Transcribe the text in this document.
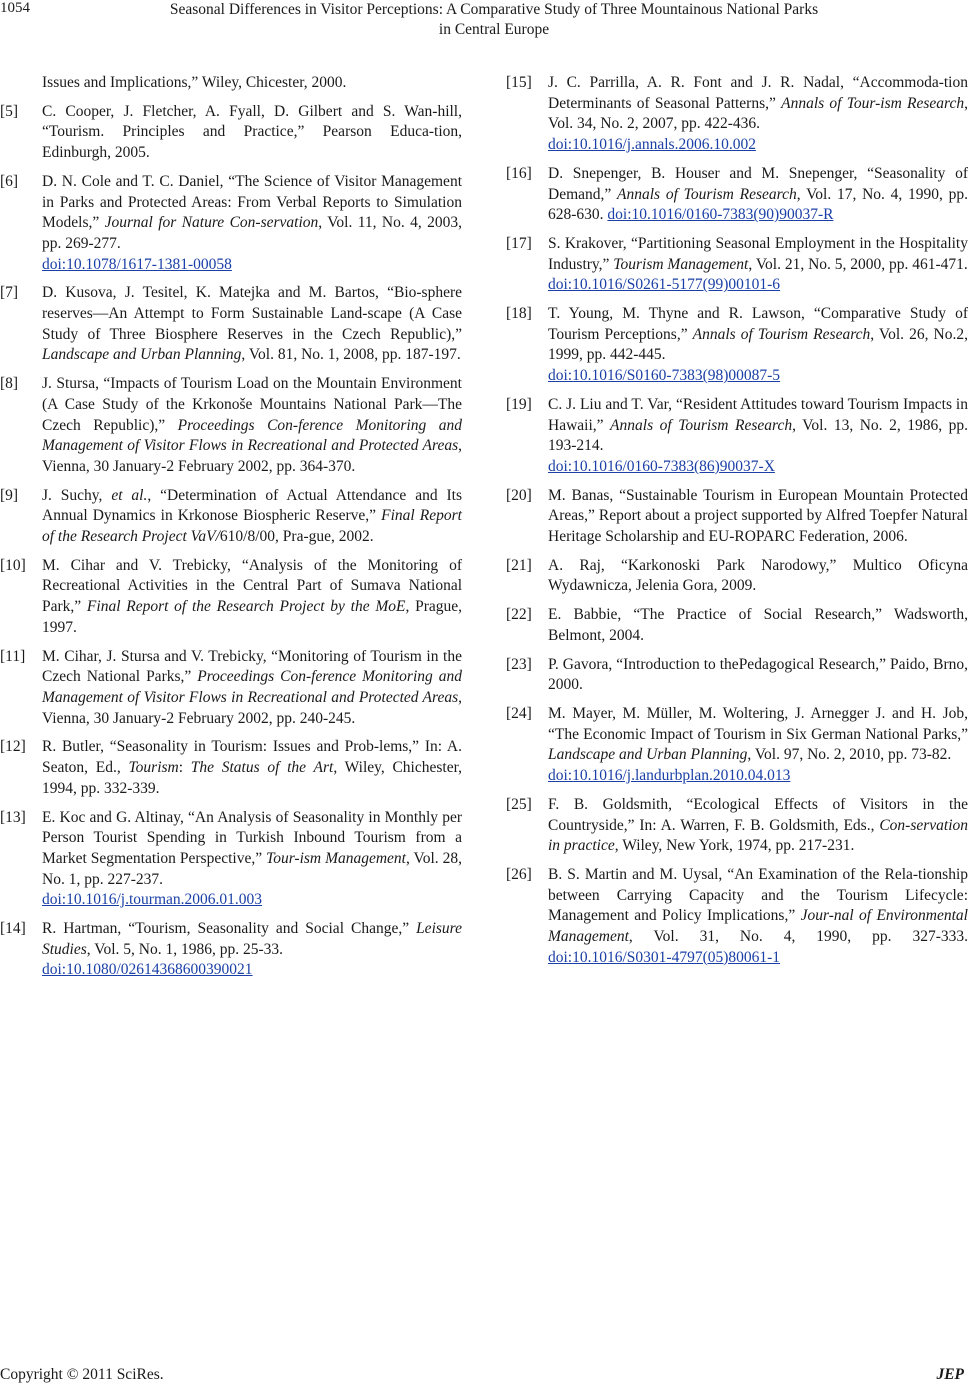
1054	Seasonal Differences in Visitor Perceptions: A Comparative Study of Three Mountainous National Parks
in Central Europe
Issues and Implications,” Wiley, Chicester, 2000.
[5] C. Cooper, J. Fletcher, A. Fyall, D. Gilbert and S. Wan-hill, “Tourism. Principles and Practice,” Pearson Educa-tion, Edinburgh, 2005.
[6] D. N. Cole and T. C. Daniel, “The Science of Visitor Management in Parks and Protected Areas: From Verbal Reports to Simulation Models,” Journal for Nature Con-servation, Vol. 11, No. 4, 2003, pp. 269-277.
doi:10.1078/1617-1381-00058
[7] D. Kusova, J. Tesitel, K. Matejka and M. Bartos, “Bio-sphere reserves—An Attempt to Form Sustainable Land-scape (A Case Study of Three Biosphere Reserves in the Czech Republic),” Landscape and Urban Planning, Vol. 81, No. 1, 2008, pp. 187-197.
[8] J. Stursa, “Impacts of Tourism Load on the Mountain Environment (A Case Study of the Krkonoše Mountains National Park—The Czech Republic),” Proceedings Con-ference Monitoring and Management of Visitor Flows in Recreational and Protected Areas, Vienna, 30 January-2 February 2002, pp. 364-370.
[9] J. Suchy, et al., “Determination of Actual Attendance and Its Annual Dynamics in Krkonose Biospheric Reserve,” Final Report of the Research Project VaV/610/8/00, Pra-gue, 2002.
[10] M. Cihar and V. Trebicky, “Analysis of the Monitoring of Recreational Activities in the Central Part of Sumava National Park,” Final Report of the Research Project by the MoE, Prague, 1997.
[11] M. Cihar, J. Stursa and V. Trebicky, “Monitoring of Tourism in the Czech National Parks,” Proceedings Con-ference Monitoring and Management of Visitor Flows in Recreational and Protected Areas, Vienna, 30 January-2 February 2002, pp. 240-245.
[12] R. Butler, “Seasonality in Tourism: Issues and Prob-lems,” In: A. Seaton, Ed., Tourism: The Status of the Art, Wiley, Chichester, 1994, pp. 332-339.
[13] E. Koc and G. Altinay, “An Analysis of Seasonality in Monthly per Person Tourist Spending in Turkish Inbound Tourism from a Market Segmentation Perspective,” Tour-ism Management, Vol. 28, No. 1, pp. 227-237.
doi:10.1016/j.tourman.2006.01.003
[14] R. Hartman, “Tourism, Seasonality and Social Change,” Leisure Studies, Vol. 5, No. 1, 1986, pp. 25-33.
doi:10.1080/02614368600390021
[15] J. C. Parrilla, A. R. Font and J. R. Nadal, “Accommoda-tion Determinants of Seasonal Patterns,” Annals of Tour-ism Research, Vol. 34, No. 2, 2007, pp. 422-436.
doi:10.1016/j.annals.2006.10.002
[16] D. Snepenger, B. Houser and M. Snepenger, “Seasonality of Demand,” Annals of Tourism Research, Vol. 17, No. 4, 1990, pp. 628-630. doi:10.1016/0160-7383(90)90037-R
[17] S. Krakover, “Partitioning Seasonal Employment in the Hospitality Industry,” Tourism Management, Vol. 21, No. 5, 2000, pp. 461-471.
doi:10.1016/S0261-5177(99)00101-6
[18] T. Young, M. Thyne and R. Lawson, “Comparative Study of Tourism Perceptions,” Annals of Tourism Research, Vol. 26, No.2, 1999, pp. 442-445.
doi:10.1016/S0160-7383(98)00087-5
[19] C. J. Liu and T. Var, “Resident Attitudes toward Tourism Impacts in Hawaii,” Annals of Tourism Research, Vol. 13, No. 2, 1986, pp. 193-214.
doi:10.1016/0160-7383(86)90037-X
[20] M. Banas, “Sustainable Tourism in European Mountain Protected Areas,” Report about a project supported by Alfred Toepfer Natural Heritage Scholarship and EU-ROPARC Federation, 2006.
[21] A. Raj, “Karkonoski Park Narodowy,” Multico Oficyna Wydawnicza, Jelenia Gora, 2009.
[22] E. Babbie, “The Practice of Social Research,” Wadsworth, Belmont, 2004.
[23] P. Gavora, “Introduction to thePedagogical Research,” Paido, Brno, 2000.
[24] M. Mayer, M. Müller, M. Woltering, J. Arnegger J. and H. Job, “The Economic Impact of Tourism in Six German National Parks,” Landscape and Urban Planning, Vol. 97, No. 2, 2010, pp. 73-82.
doi:10.1016/j.landurbplan.2010.04.013
[25] F. B. Goldsmith, “Ecological Effects of Visitors in the Countryside,” In: A. Warren, F. B. Goldsmith, Eds., Con-servation in practice, Wiley, New York, 1974, pp. 217-231.
[26] B. S. Martin and M. Uysal, “An Examination of the Rela-tionship between Carrying Capacity and the Tourism Lifecycle: Management and Policy Implications,” Jour-nal of Environmental Management, Vol. 31, No. 4, 1990, pp. 327-333. doi:10.1016/S0301-4797(05)80061-1
Copyright © 2011 SciRes.	JEP
